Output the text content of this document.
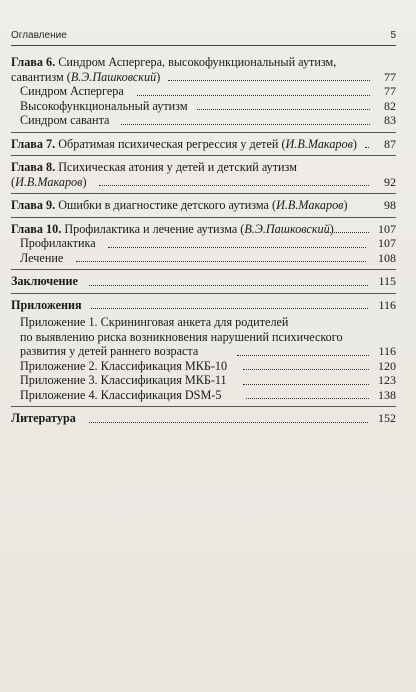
Оглавление	5
Глава 6. Синдром Аспергера, высокофункциональный аутизм,
савантизм (В.Э.Пашковский)	77
Синдром Аспергера	77
Высокофункциональный аутизм	82
Синдром саванта	83
Глава 7. Обратимая психическая регрессия у детей (И.В.Макаров) 87
Глава 8. Психическая атония у детей и детский аутизм
(И.В.Макаров)	92
Глава 9. Ошибки в диагностике детского аутизма (И.В.Макаров)	98
Глава 10. Профилактика и лечение аутизма (В.Э.Пашковский)	107
Профилактика	107
Лечение	108
Заключение	115
Приложения	116
Приложение 1. Скрининговая анкета для родителей
по выявлению риска возникновения нарушений психического
развития у детей раннего возраста	116
Приложение 2. Классификация МКБ-10	120
Приложение 3. Классификация МКБ-11	123
Приложение 4. Классификация DSM-5	138
Литература	152
